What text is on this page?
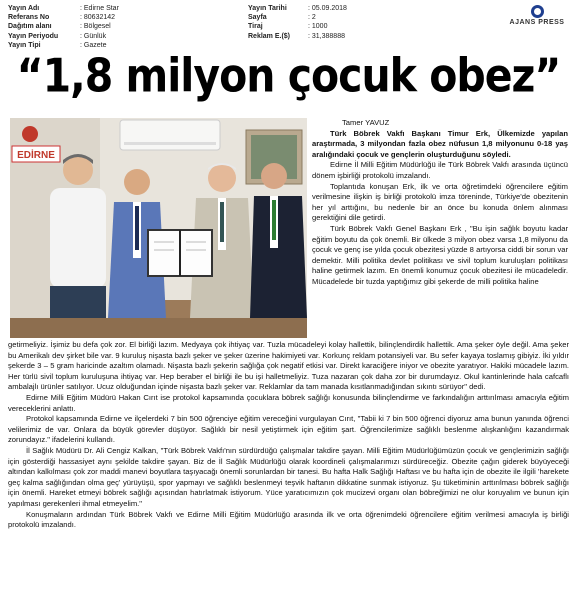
Yayın Adı	: Edirne Star
Referans No	: 80632142
Dağıtım alanı	: Bölgesel
Yayın Periyodu	: Günlük
Yayın Tipi	: Gazete
Yayın Tarihi	: 05.09.2018
Sayfa	: 2
Tiraj	: 1000
Reklam E.($)	: 31,388888
AJANS PRESS
“1,8 milyon çocuk obez”
EDİRNE

Tamer YAVUZ

Türk Böbrek Vakfı Başkanı Timur Erk, Ülkemizde yapılan araştırmada, 3 milyondan fazla obez nüfusun 1,8 milyonunu 0-18 yaş aralığındaki çocuk ve gençlerin oluşturduğunu söyledi.

Edirne İl Milli Eğitim Müdürlüğü ile Türk Böbrek Vakfı arasında üçüncü dönem işbirliği protokolü imzalandı.

Toplantıda konuşan Erk, ilk ve orta öğretimdeki öğrencilere eğitim verilmesine ilişkin iş birliği protokolü imza töreninde, Türkiye'de obezitenin her yıl arttığını, bu nedenle bir an önce bu konuda önlem alınması gerektiğini dile getirdi.

Türk Böbrek Vakfı Genel Başkanı Erk , "Bu işin sağlık boyutu kadar eğitim boyutu da çok önemli. Bir ülkede 3 milyon obez varsa 1,8 milyonu da çocuk ve genç ise yılda çocuk obezitesi yüzde 8 artıyorsa ciddi bir sorun var demektir. Milli politika devlet politikası ve sivil toplum kuruluşları politikası haline getirmek lazım. En önemli konumuz çocuk obezitesi ile mücadeledir. Mücadelede bir tuzda yaptığımız gibi şekerde de milli politika haline

getirmeliyiz. İşimiz bu defa çok zor. El birliği lazım. Medyaya çok ihtiyaç var. Tuzla mücadeleyi kolay hallettik, bilinçlendirdik hallettik. Ama şeker öyle değil. Ama şeker bu Amerikalı dev şirket bile var. 9 kuruluş nişasta bazlı şeker ve şeker üzerine hakimiyeti var. Korkunç reklam potansiyeli var. Bu sefer kayaya toslamış gibiyiz. İki yıldır şekerde 3 – 5 gram haricinde azaltım olamadı. Nişasta bazlı şekerin sağlığa çok negatif etkisi var. Direkt karaciğere iniyor ve obezite yaratıyor. Hakiki mücadele lazım. Her türlü sivil toplum kuruluşuna ihtiyaç var. Hep beraber el birliği ile bu işi halletmeliyiz. Tuza nazaran çok daha zor bir durumdayız. Okul kantinlerinde hala cafcaflı ambalajlı ürünler satılıyor. Ucuz olduğundan içinde nişasta bazlı şeker var. Reklamlar da tam manada kısıtlanmadığından sıkıntı sürüyor" dedi.

Edirne Milli Eğitim Müdürü Hakan Cırıt ise protokol kapsamında çocuklara böbrek sağlığı konusunda bilinçlendirme ve farkındalığın arttırılması amacıyla eğitim vereceklerini anlattı.

Protokol kapsamında Edirne ve ilçelerdeki 7 bin 500 öğrenciye eğitim vereceğini vurgulayan Cırıt, "Tabii ki 7 bin 500 öğrenci diyoruz ama bunun yanında öğrenci velilerimiz de var. Onlara da büyük görevler düşüyor. Sağlıklı bir nesil yetiştirmek için eğitim şart. Öğrencilerimize sağlıklı beslenme alışkanlığını kazandırmak zorundayız." ifadelerini kullandı.

İl Sağlık Müdürü Dr. Ali Cengiz Kalkan, "Türk Böbrek Vakfı'nın sürdürdüğü çalışmalar takdire şayan. Milli Eğitim Müdürlüğümüzün çocuk ve gençlerimizin sağlığı için gösterdiği hassasiyet aynı şekilde takdire şayan. Biz de İl Sağlık Müdürlüğü olarak koordineli çalışmalarımızı sürdüreceğiz. Obezite çağın giderek büyüyeceği altından kalkılması çok zor maddi manevi boyutlara taşıyacağı önemli sorunlardan bir tanesi. Bu hafta Halk Sağlığı Haftası ve bu hafta için de obezite ile ilgili 'harekete geç kalma sağlığından olma geç' yürüyüşü, spor yapmayı ve sağlıklı beslenmeyi teşvik haftanın dikkatine sunmak istiyoruz. Şu tüketiminin arttırılması böbrek sağlığı için önemli. Hareket etmeyi böbrek sağlığı açısından hatırlatmak istiyorum. Yüce yaratıcımızın çok mucizevi organı olan böbreğimizi ne olur koruyalım ve bunun için yapılması gerekenleri ihmal etmeyelim."

Konuşmaların ardından Türk Böbrek Vakfı ve Edirne Milli Eğitim Müdürlüğü arasında ilk ve orta öğrenimdeki öğrencilere eğitim verilmesi amacıyla iş birliği protokolü imzalandı.
